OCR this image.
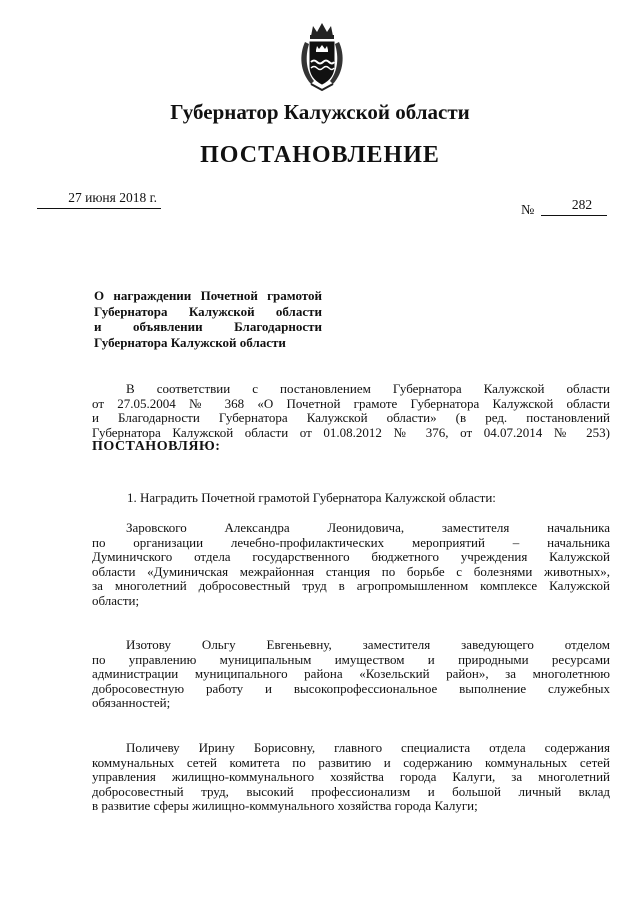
Губернатор Калужской области
ПОСТАНОВЛЕНИЕ
27 июня 2018 г.
№	282
О награждении Почетной грамотой
Губернатора Калужской области
и объявлении Благодарности
Губернатора Калужской области
В соответствии с постановлением Губернатора Калужской области
от 27.05.2004 № 368 «О Почетной грамоте Губернатора Калужской области
и Благодарности Губернатора Калужской области» (в ред. постановлений
Губернатора Калужской области от 01.08.2012 № 376, от 04.07.2014 № 253)
ПОСТАНОВЛЯЮ:
1. Наградить Почетной грамотой Губернатора Калужской области:
Заровского Александра Леонидовича, заместителя начальника
по организации лечебно-профилактических мероприятий – начальника
Думиничского отдела государственного бюджетного учреждения Калужской
области «Думиничская межрайонная станция по борьбе с болезнями животных»,
за многолетний добросовестный труд в агропромышленном комплексе Калужской
области;
Изотову Ольгу Евгеньевну, заместителя заведующего отделом
по управлению муниципальным имуществом и природными ресурсами
администрации муниципального района «Козельский район», за многолетнюю
добросовестную работу и высокопрофессиональное выполнение служебных
обязанностей;
Поличеву Ирину Борисовну, главного специалиста отдела содержания
коммунальных сетей комитета по развитию и содержанию коммунальных сетей
управления жилищно-коммунального хозяйства города Калуги, за многолетний
добросовестный труд, высокий профессионализм и большой личный вклад
в развитие сферы жилищно-коммунального хозяйства города Калуги;
